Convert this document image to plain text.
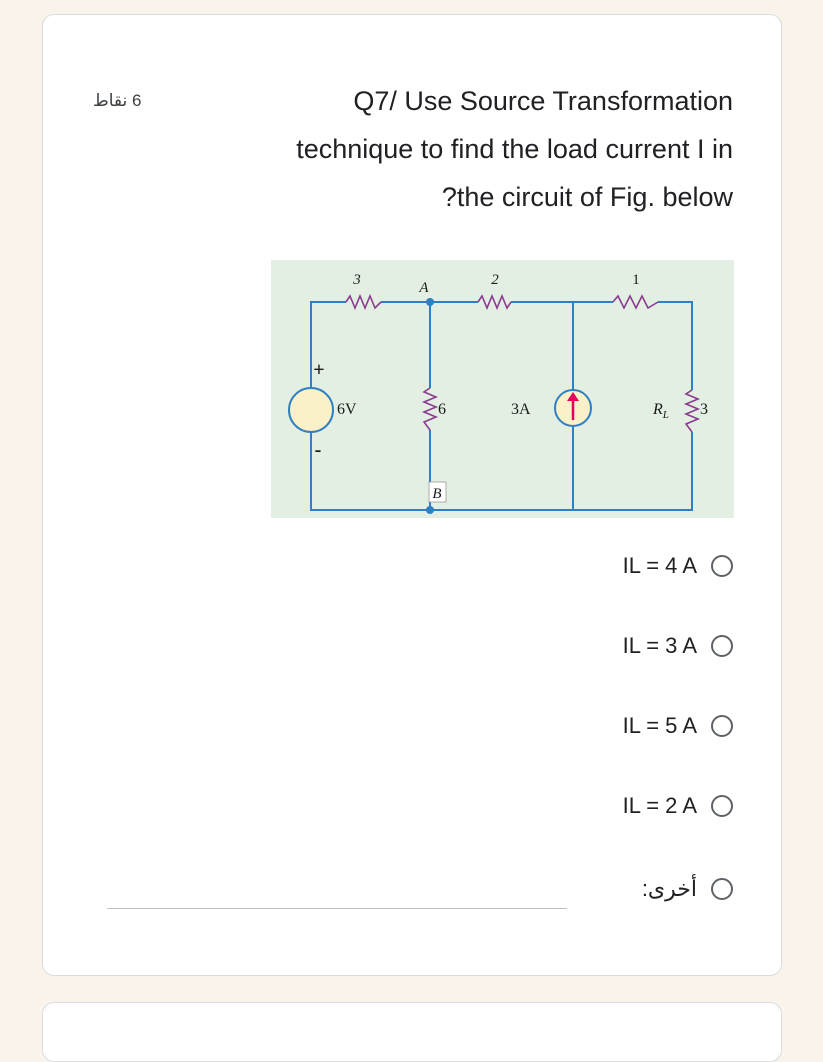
6 نقاط	Q7/ Use Source Transformation
technique to find the load current I in
?the circuit of Fig. below
3	A	2	1
+
-
6V	6	3A	$R_L$ 3
B
IL = 4 A
IL = 3 A
IL = 5 A
IL = 2 A
أخرى:
